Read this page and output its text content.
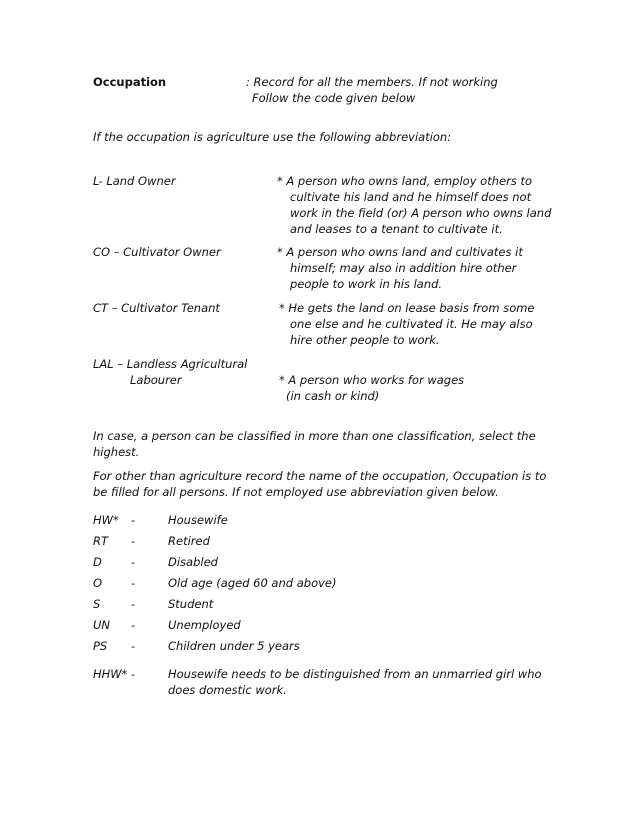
Occupation	: Record for all the members. If not working
Follow the code given below
If the occupation is agriculture use the following abbreviation:
L- Land Owner	* A person who owns land, employ others to
cultivate his land and he himself does not
work in the field (or) A person who owns land
and leases to a tenant to cultivate it.
CO – Cultivator Owner	* A person who owns land and cultivates it
himself; may also in addition hire other
people to work in his land.
CT – Cultivator Tenant	* He gets the land on lease basis from some
one else and he cultivated it. He may also
hire other people to work.
LAL – Landless Agricultural
Labourer	* A person who works for wages
(in cash or kind)
In case, a person can be classified in more than one classification, select the
highest.
For other than agriculture record the name of the occupation, Occupation is to
be filled for all persons. If not employed use abbreviation given below.
HW* -	Housewife
RT -	Retired
D	-	Disabled
O	-	Old age (aged 60 and above)
S	-	Student
UN -	Unemployed
PS -	Children under 5 years
HHW* -	Housewife needs to be distinguished from an unmarried girl who
does domestic work.
